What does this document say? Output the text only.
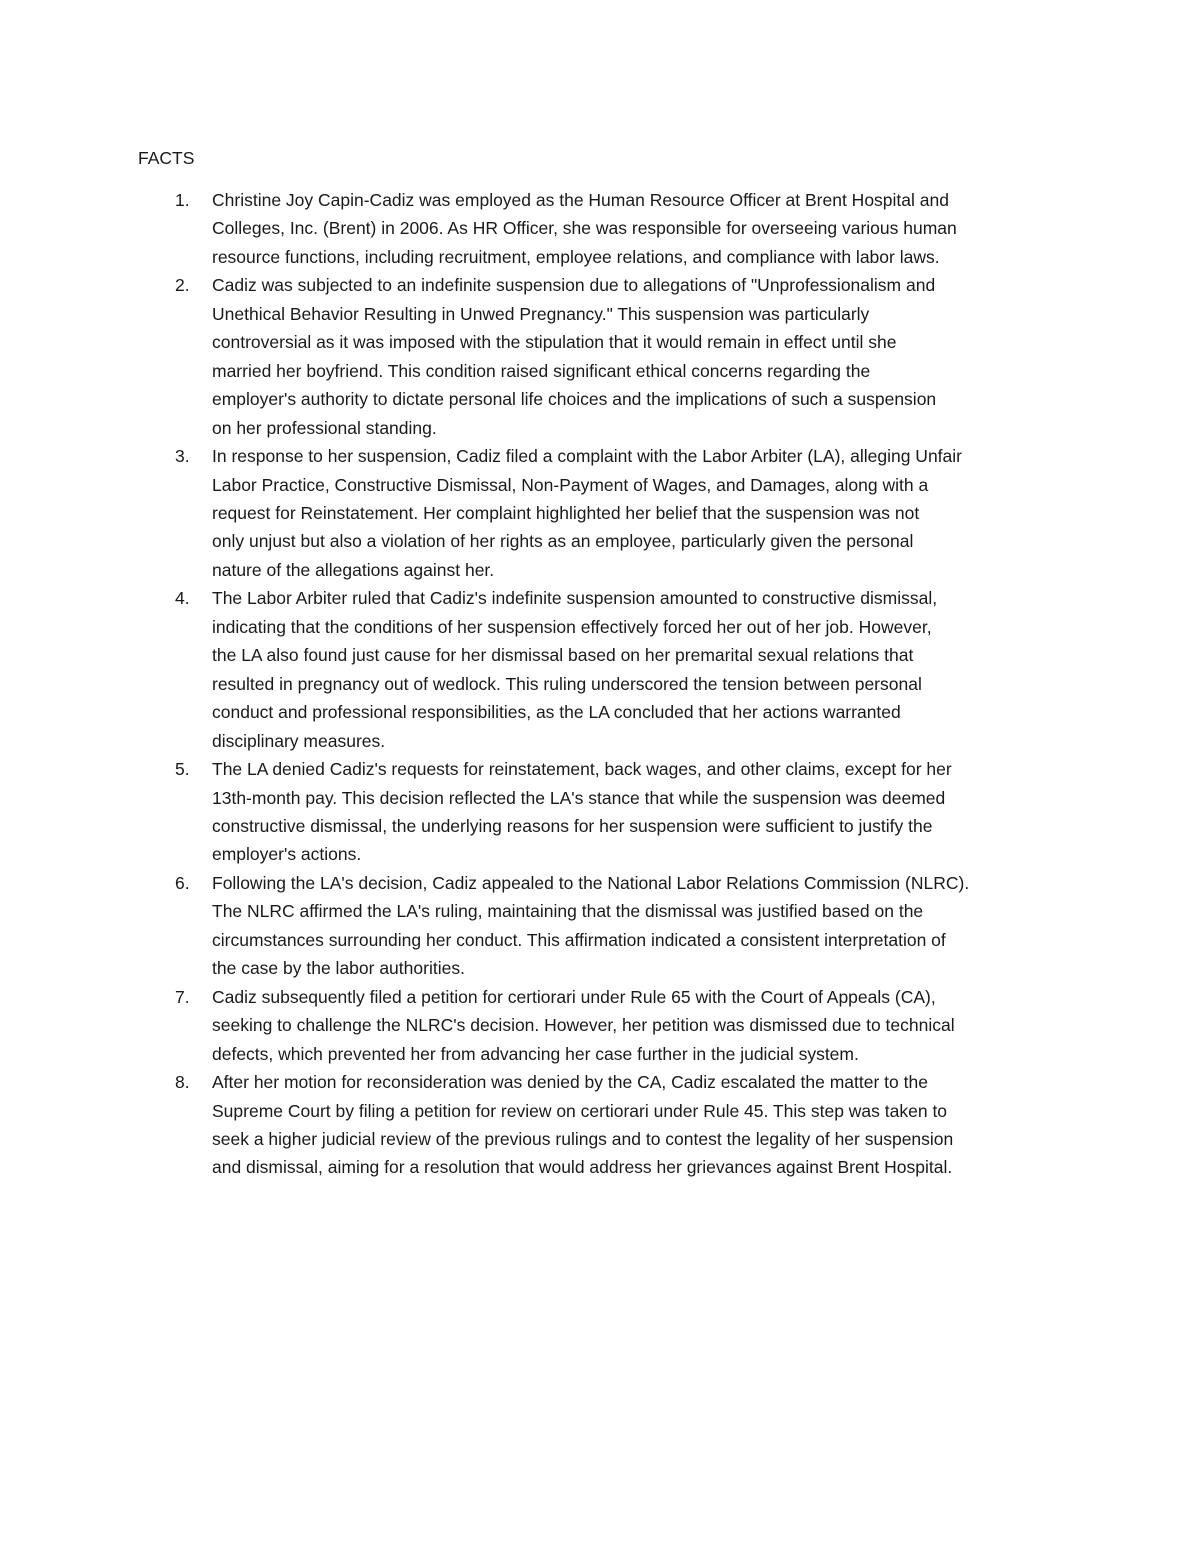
FACTS
1.	Christine Joy Capin-Cadiz was employed as the Human Resource Officer at Brent Hospital and
Colleges, Inc. (Brent) in 2006. As HR Officer, she was responsible for overseeing various human
resource functions, including recruitment, employee relations, and compliance with labor laws.
2.	Cadiz was subjected to an indefinite suspension due to allegations of "Unprofessionalism and
Unethical Behavior Resulting in Unwed Pregnancy." This suspension was particularly
controversial as it was imposed with the stipulation that it would remain in effect until she
married her boyfriend. This condition raised significant ethical concerns regarding the
employer's authority to dictate personal life choices and the implications of such a suspension
on her professional standing.
3.	In response to her suspension, Cadiz filed a complaint with the Labor Arbiter (LA), alleging Unfair
Labor Practice, Constructive Dismissal, Non-Payment of Wages, and Damages, along with a
request for Reinstatement. Her complaint highlighted her belief that the suspension was not
only unjust but also a violation of her rights as an employee, particularly given the personal
nature of the allegations against her.
4.	The Labor Arbiter ruled that Cadiz's indefinite suspension amounted to constructive dismissal,
indicating that the conditions of her suspension effectively forced her out of her job. However,
the LA also found just cause for her dismissal based on her premarital sexual relations that
resulted in pregnancy out of wedlock. This ruling underscored the tension between personal
conduct and professional responsibilities, as the LA concluded that her actions warranted
disciplinary measures.
5.	The LA denied Cadiz's requests for reinstatement, back wages, and other claims, except for her
13th-month pay. This decision reflected the LA's stance that while the suspension was deemed
constructive dismissal, the underlying reasons for her suspension were sufficient to justify the
employer's actions.
6.	Following the LA's decision, Cadiz appealed to the National Labor Relations Commission (NLRC).
The NLRC affirmed the LA's ruling, maintaining that the dismissal was justified based on the
circumstances surrounding her conduct. This affirmation indicated a consistent interpretation of
the case by the labor authorities.
7.	Cadiz subsequently filed a petition for certiorari under Rule 65 with the Court of Appeals (CA),
seeking to challenge the NLRC's decision. However, her petition was dismissed due to technical
defects, which prevented her from advancing her case further in the judicial system.
8.	After her motion for reconsideration was denied by the CA, Cadiz escalated the matter to the
Supreme Court by filing a petition for review on certiorari under Rule 45. This step was taken to
seek a higher judicial review of the previous rulings and to contest the legality of her suspension
and dismissal, aiming for a resolution that would address her grievances against Brent Hospital.
